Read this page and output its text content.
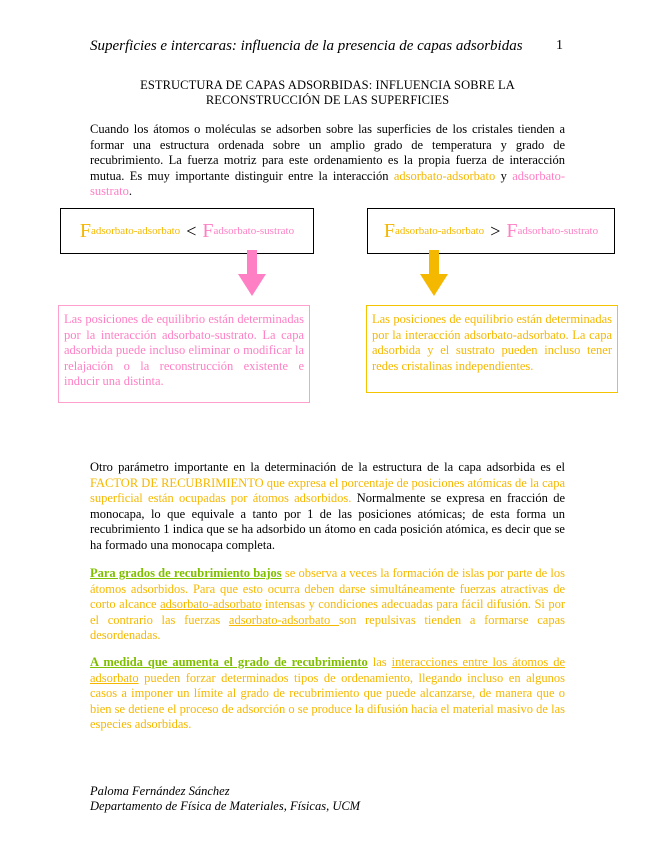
Superficies e intercaras: influencia de la presencia de capas adsorbidas	1
ESTRUCTURA DE CAPAS ADSORBIDAS: INFLUENCIA SOBRE LA
RECONSTRUCCIÓN DE LAS SUPERFICIES
Cuando los átomos o moléculas se adsorben sobre las superficies de los cristales tienden a formar una estructura ordenada sobre un amplio grado de temperatura y grado de recubrimiento. La fuerza motriz para este ordenamiento es la propia fuerza de interacción mutua. Es muy importante distinguir entre la interacción adsorbato-adsorbato y adsorbato-sustrato.
F adsorbato-adsorbato < F adsorbato-sustrato
Las posiciones de equilibrio están determinadas por la interacción adsorbato-sustrato. La capa adsorbida puede incluso eliminar o modificar la relajación o la reconstrucción existente e inducir una distinta.
F adsorbato-adsorbato > F adsorbato-sustrato
Las posiciones de equilibrio están determinadas por la interacción adsorbato-adsorbato. La capa adsorbida y el sustrato pueden incluso tener redes cristalinas independientes.
Otro parámetro importante en la determinación de la estructura de la capa adsorbida es el FACTOR DE RECUBRIMIENTO que expresa el porcentaje de posiciones atómicas de la capa superficial están ocupadas por átomos adsorbidos. Normalmente se expresa en fracción de monocapa, lo que equivale a tanto por 1 de las posiciones atómicas; de esta forma un recubrimiento 1 indica que se ha adsorbido un átomo en cada posición atómica, es decir que se ha formado una monocapa completa.
Para grados de recubrimiento bajos se observa a veces la formación de islas por parte de los átomos adsorbidos. Para que esto ocurra deben darse simultáneamente fuerzas atractivas de corto alcance adsorbato-adsorbato intensas y condiciones adecuadas para fácil difusión. Si por el contrario las fuerzas adsorbato-adsorbato son repulsivas tienden a formarse capas desordenadas.
A medida que aumenta el grado de recubrimiento las interacciones entre los átomos de adsorbato pueden forzar determinados tipos de ordenamiento, llegando incluso en algunos casos a imponer un límite al grado de recubrimiento que puede alcanzarse, de manera que o bien se detiene el proceso de adsorción o se produce la difusión hacia el material masivo de las especies adsorbidas.
Paloma Fernández Sánchez
Departamento de Física de Materiales, Físicas, UCM
